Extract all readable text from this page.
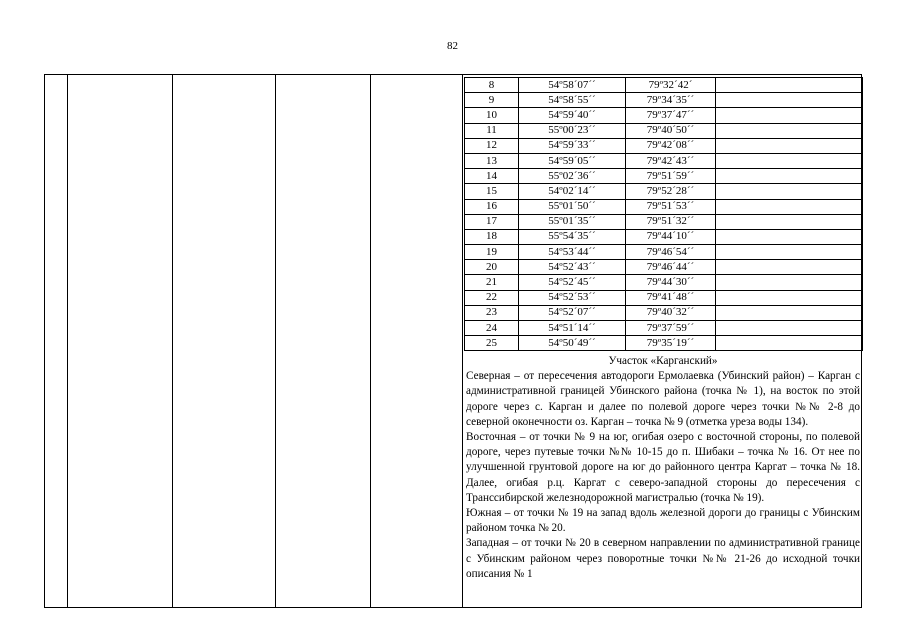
82
8	54º58´07´´	79º32´42´	
9	54º58´55´´	79º34´35´´	
10	54º59´40´´	79º37´47´´	
11	55º00´23´´	79º40´50´´	
12	54º59´33´´	79º42´08´´	
13	54º59´05´´	79º42´43´´	
14	55º02´36´´	79º51´59´´	
15	54º02´14´´	79º52´28´´	
16	55º01´50´´	79º51´53´´	
17	55º01´35´´	79º51´32´´	
18	55º54´35´´	79º44´10´´	
19	54º53´44´´	79º46´54´´	
20	54º52´43´´	79º46´44´´	
21	54º52´45´´	79º44´30´´	
22	54º52´53´´	79º41´48´´	
23	54º52´07´´	79º40´32´´	
24	54º51´14´´	79º37´59´´	
25	54º50´49´´	79º35´19´´	
Участок «Карганский»

Северная – от пересечения автодороги Ермолаевка (Убинский район) – Карган с административной границей Убинского района (точка № 1), на восток по этой дороге через с. Карган и далее по полевой дороге через точки №№ 2-8 до северной оконечности оз. Карган – точка № 9 (отметка уреза воды 134).

Восточная – от точки № 9 на юг, огибая озеро с восточной стороны, по полевой дороге, через путевые точки №№ 10-15 до п. Шибаки – точка № 16. От нее по улучшенной грунтовой дороге на юг до районного центра Каргат – точка № 18. Далее, огибая р.ц. Каргат с северо-западной стороны до пересечения с Транссибирской железнодорожной магистралью (точка № 19).

Южная – от точки № 19 на запад вдоль железной дороги до границы с Убинским районом точка № 20.

Западная – от точки № 20 в северном направлении по административной границе с Убинским районом через поворотные точки №№ 21-26 до исходной точки описания № 1
